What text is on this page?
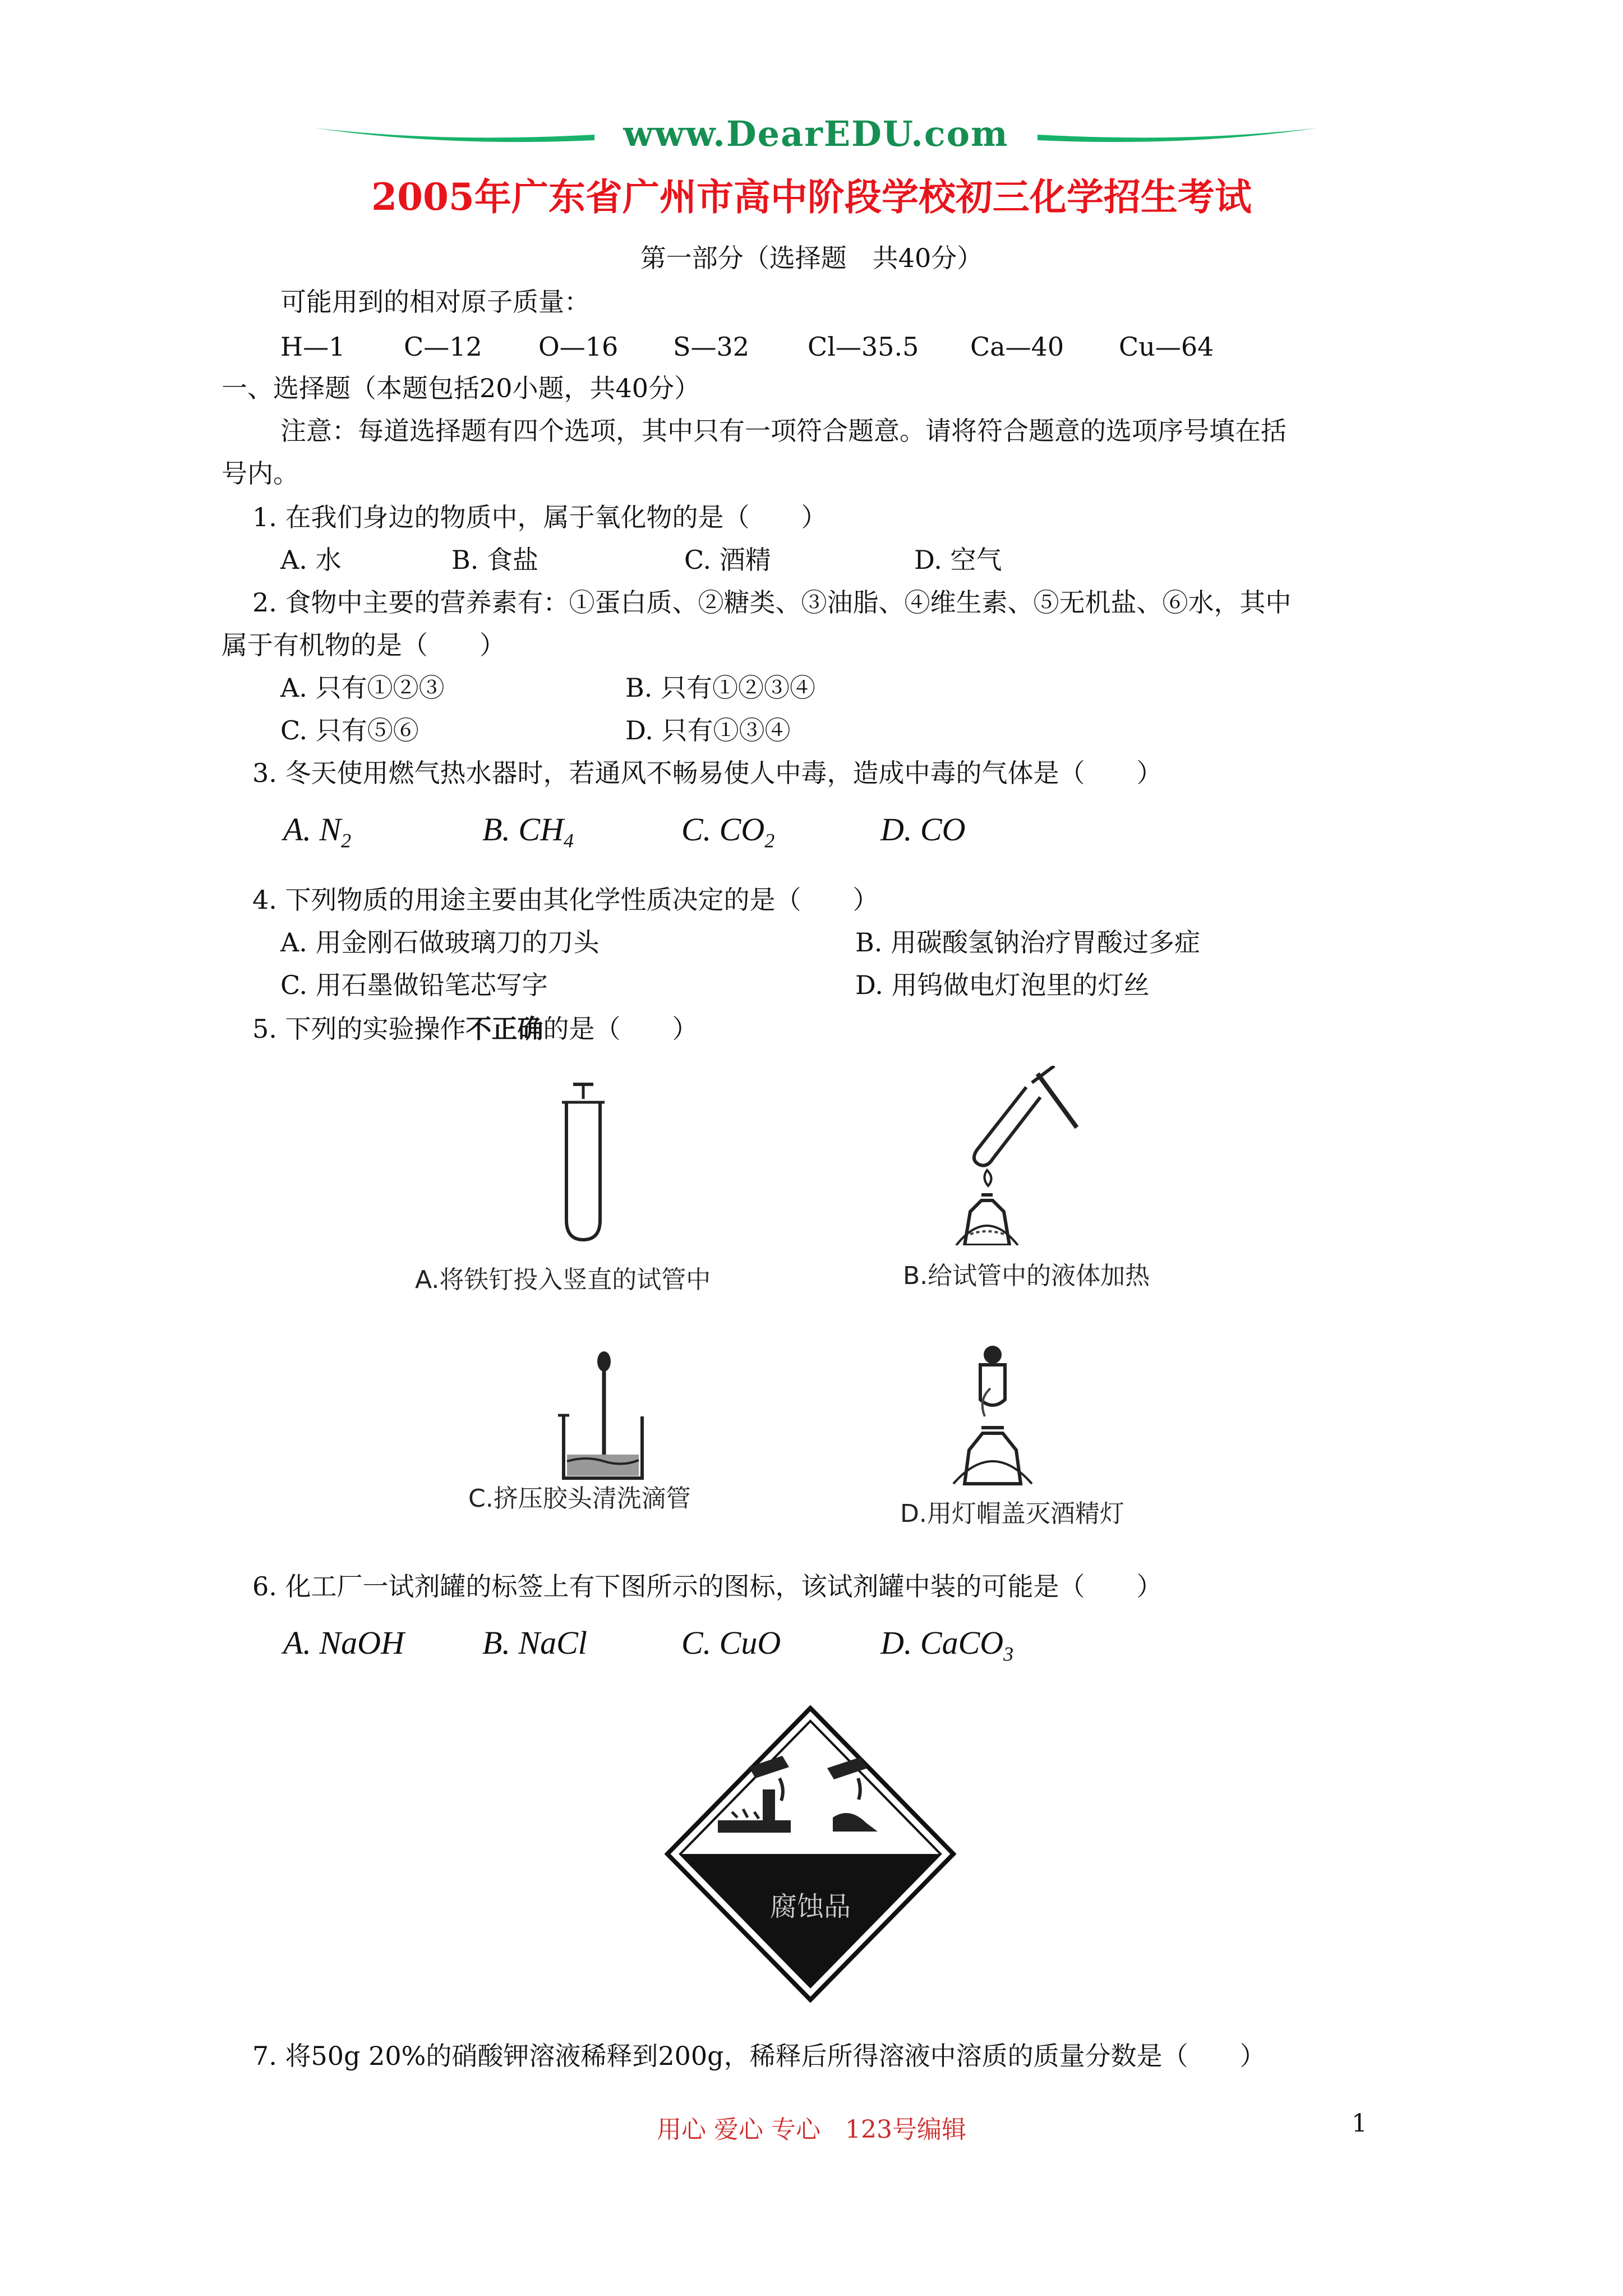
www.DearEDU.com
2005年广东省广州市高中阶段学校初三化学招生考试
第一部分（选择题　共40分）
可能用到的相对原子质量：
H—1 C—12 O—16 S—32 Cl—35.5 Ca—40 Cu—64
一、选择题（本题包括20小题，共40分）
注意：每道选择题有四个选项，其中只有一项符合题意。请将符合题意的选项序号填在括
号内。
1. 在我们身边的物质中，属于氧化物的是（　　）
A. 水	B. 食盐	C. 酒精	D. 空气
2. 食物中主要的营养素有：①蛋白质、②糖类、③油脂、④维生素、⑤无机盐、⑥水，其中
属于有机物的是（　　）
A. 只有①②③	B. 只有①②③④
C. 只有⑤⑥	D. 只有①③④
3. 冬天使用燃气热水器时，若通风不畅易使人中毒，造成中毒的气体是（　　）
A. $N_2$	B. $CH_4$	C. $CO_2$	D. CO
4. 下列物质的用途主要由其化学性质决定的是（　　）
A. 用金刚石做玻璃刀的刀头	B. 用碳酸氢钠治疗胃酸过多症
C. 用石墨做铅笔芯写字	D. 用钨做电灯泡里的灯丝
5. 下列的实验操作不正确的是（　　）
A.将铁钉投入竖直的试管中	B.给试管中的液体加热
C.挤压胶头清洗滴管
D.用灯帽盖灭酒精灯
6. 化工厂一试剂罐的标签上有下图所示的图标，该试剂罐中装的可能是（　　）
A. NaOH B. NaCl	C. CuO	D. CaCO$_3$
腐蚀品
7. 将50g 20%的硝酸钾溶液稀释到200g，稀释后所得溶液中溶质的质量分数是（　　）
用心 爱心 专心　123号编辑	1
